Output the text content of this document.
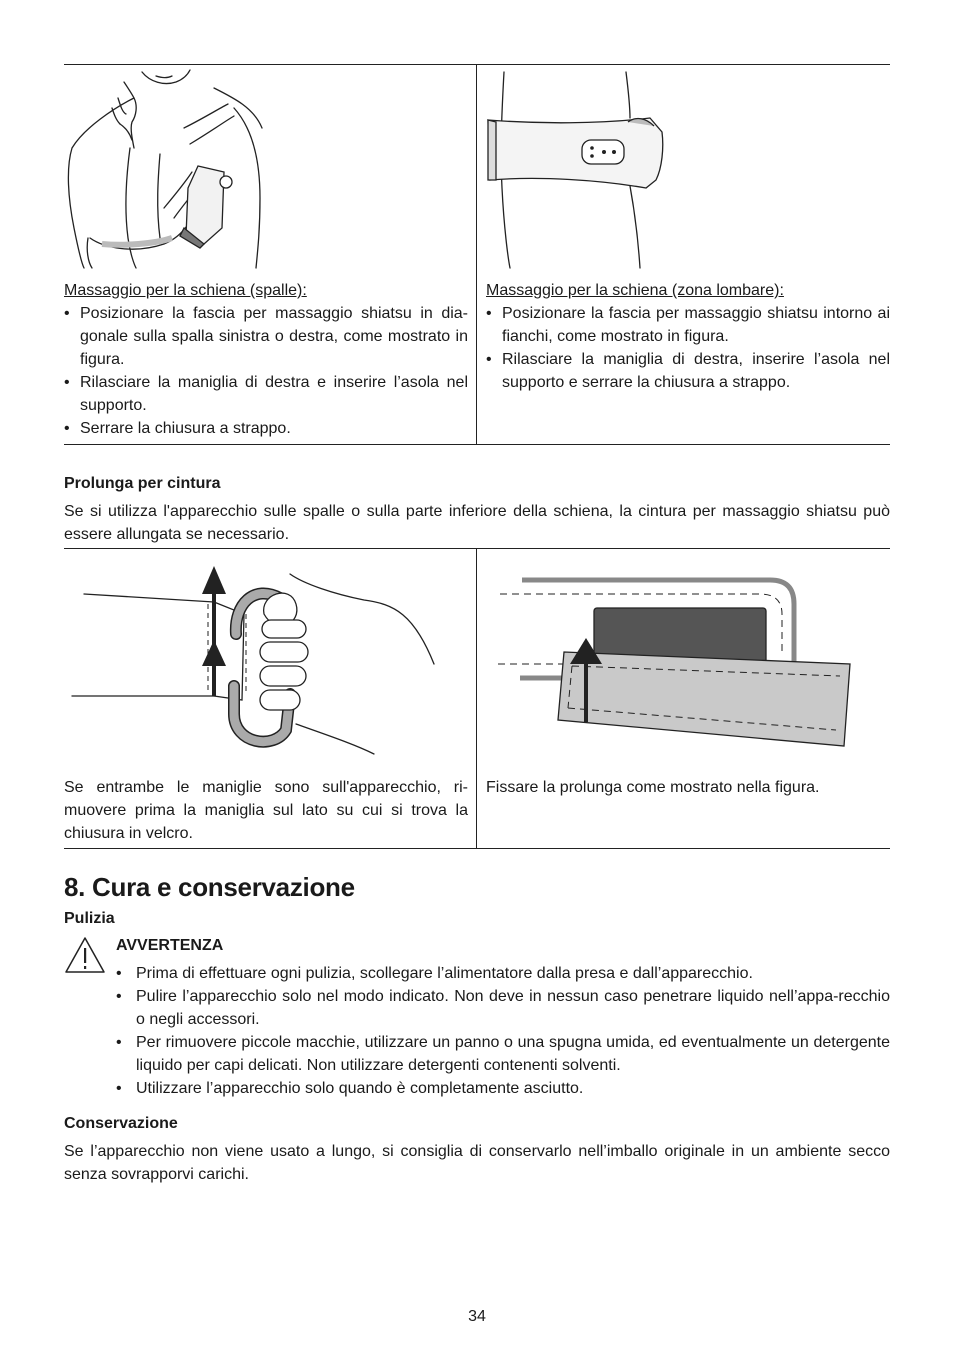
Massaggio per la schiena (spalle):
• Posizionare la fascia per massaggio shiatsu in dia-gonale sulla spalla sinistra o destra, come mostrato in figura.
• Rilasciare la maniglia di destra e inserire l’asola nel supporto.
• Serrare la chiusura a strappo.
Massaggio per la schiena (zona lombare):
• Posizionare la fascia per massaggio shiatsu intorno ai fianchi, come mostrato in figura.
• Rilasciare la maniglia di destra, inserire l’asola nel supporto e serrare la chiusura a strappo.
Prolunga per cintura
Se si utilizza l'apparecchio sulle spalle o sulla parte inferiore della schiena, la cintura per massaggio shiatsu può essere allungata se necessario.
Se entrambe le maniglie sono sull'apparecchio, ri-muovere prima la maniglia sul lato su cui si trova la chiusura in velcro.
Fissare la prolunga come mostrato nella figura.
8. Cura e conservazione
Pulizia
AVVERTENZA
• Prima di effettuare ogni pulizia, scollegare l’alimentatore dalla presa e dall’apparecchio.
• Pulire l’apparecchio solo nel modo indicato. Non deve in nessun caso penetrare liquido nell’appa-recchio o negli accessori.
• Per rimuovere piccole macchie, utilizzare un panno o una spugna umida, ed eventualmente un detergente liquido per capi delicati. Non utilizzare detergenti contenenti solventi.
• Utilizzare l’apparecchio solo quando è completamente asciutto.
Conservazione
Se l’apparecchio non viene usato a lungo, si consiglia di conservarlo nell’imballo originale in un ambiente secco senza sovrapporvi carichi.
34
